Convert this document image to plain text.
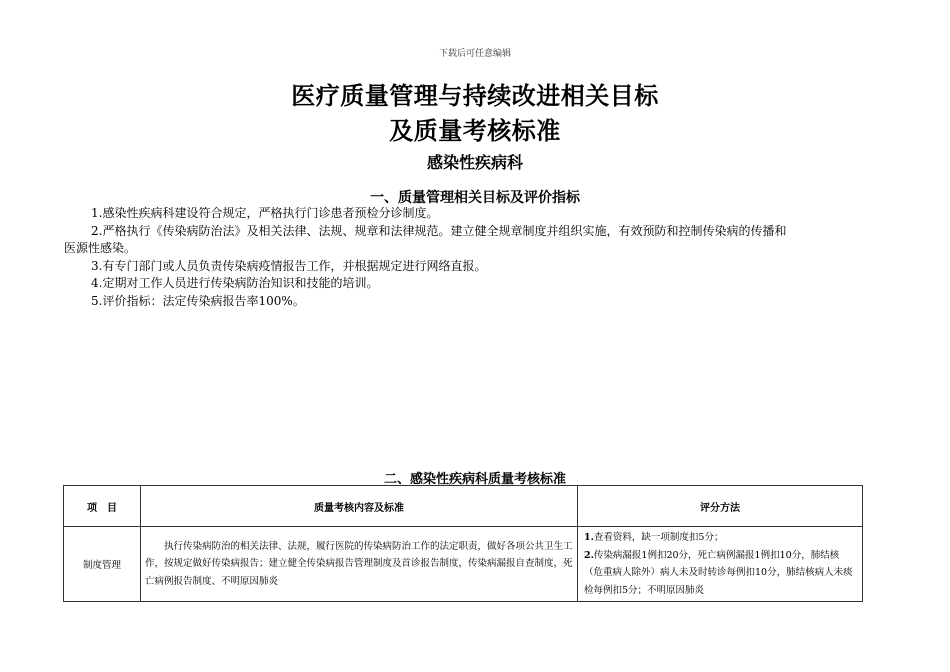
下载后可任意编辑
医疗质量管理与持续改进相关目标
及质量考核标准
感染性疾病科
一、质量管理相关目标及评价指标

1.感染性疾病科建设符合规定，严格执行门诊患者预检分诊制度。

2.严格执行《传染病防治法》及相关法律、法规、规章和法律规范。建立健全规章制度并组织实施，有效预防和控制传染病的传播和

医源性感染。

3.有专门部门或人员负责传染病疫情报告工作，并根据规定进行网络直报。

4.定期对工作人员进行传染病防治知识和技能的培训。

5.评价指标：法定传染病报告率100%。

二、感染性疾病科质量考核标准
项　目	质量考核内容及标准	评分方法
制度管理	执行传染病防治的相关法律、法规，履行医院的传染病防治工作的法定职责，做好各项公共卫生工作，按规定做好传染病报告；建立健全传染病报告管理制度及首诊报告制度，传染病漏报自查制度，死亡病例报告制度、不明原因肺炎	1.查看资料，缺一项制度扣5分；
2.传染病漏报1例扣20分，死亡病例漏报1例扣10分，肺结核（危重病人除外）病人未及时转诊每例扣10分，肺结核病人未痰检每例扣5分；不明原因肺炎
